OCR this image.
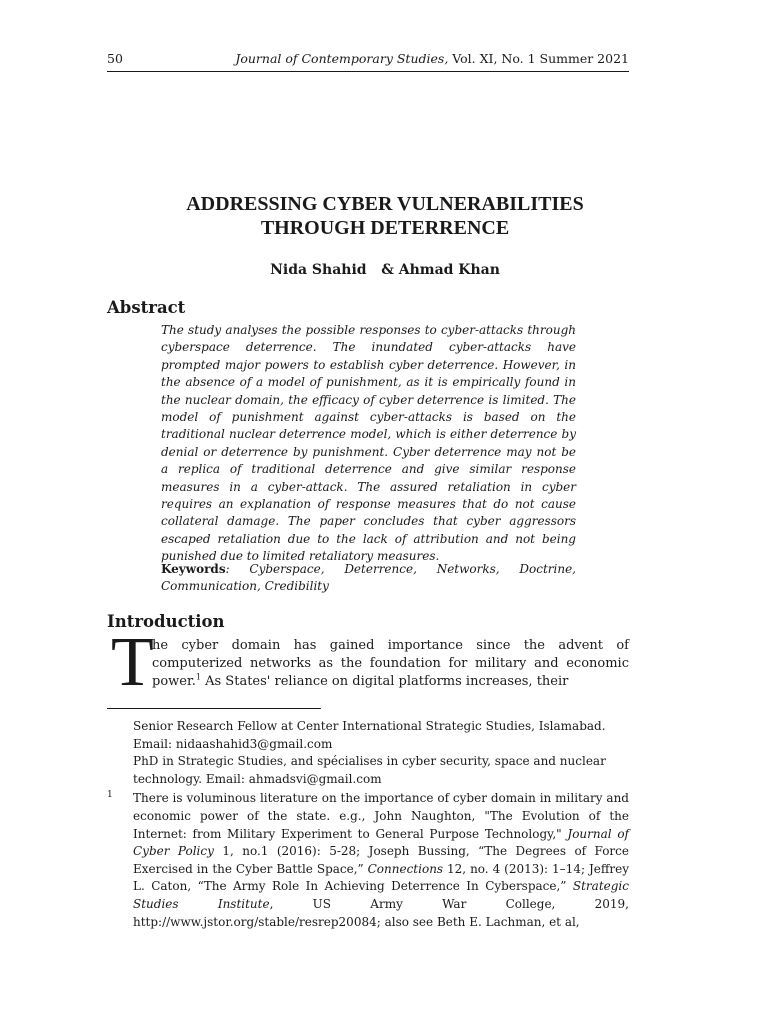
50	Journal of Contemporary Studies, Vol. XI, No. 1 Summer 2021
ADDRESSING CYBER VULNERABILITIES
THROUGH DETERRENCE
Nida Shahid   & Ahmad Khan
Abstract
The study analyses the possible responses to cyber-attacks through cyberspace deterrence. The inundated cyber-attacks have prompted major powers to establish cyber deterrence. However, in the absence of a model of punishment, as it is empirically found in the nuclear domain, the efficacy of cyber deterrence is limited. The model of punishment against cyber-attacks is based on the traditional nuclear deterrence model, which is either deterrence by denial or deterrence by punishment. Cyber deterrence may not be a replica of traditional deterrence and give similar response measures in a cyber-attack. The assured retaliation in cyber requires an explanation of response measures that do not cause collateral damage. The paper concludes that cyber aggressors escaped retaliation due to the lack of attribution and not being punished due to limited retaliatory measures.
Keywords: Cyberspace, Deterrence, Networks, Doctrine, Communication, Credibility
Introduction
T
he cyber domain has gained importance since the advent of computerized networks as the foundation for military and economic power.$^1$ As States' reliance on digital platforms increases, their
Senior Research Fellow at Center International Strategic Studies, Islamabad.
Email: nidaashahid3@gmail.com
PhD in Strategic Studies, and spécialises in cyber security, space and nuclear
technology. Email: ahmadsvi@gmail.com
1 There is voluminous literature on the importance of cyber domain in military and economic power of the state. e.g., John Naughton, "The Evolution of the Internet: from Military Experiment to General Purpose Technology," Journal of Cyber Policy 1, no.1 (2016): 5-28; Joseph Bussing, “The Degrees of Force Exercised in the Cyber Battle Space,” Connections 12, no. 4 (2013): 1–14; Jeffrey L. Caton, “The Army Role In Achieving Deterrence In Cyberspace,” Strategic Studies Institute, US Army War College, 2019, http://www.jstor.org/stable/resrep20084; also see Beth E. Lachman, et al,
